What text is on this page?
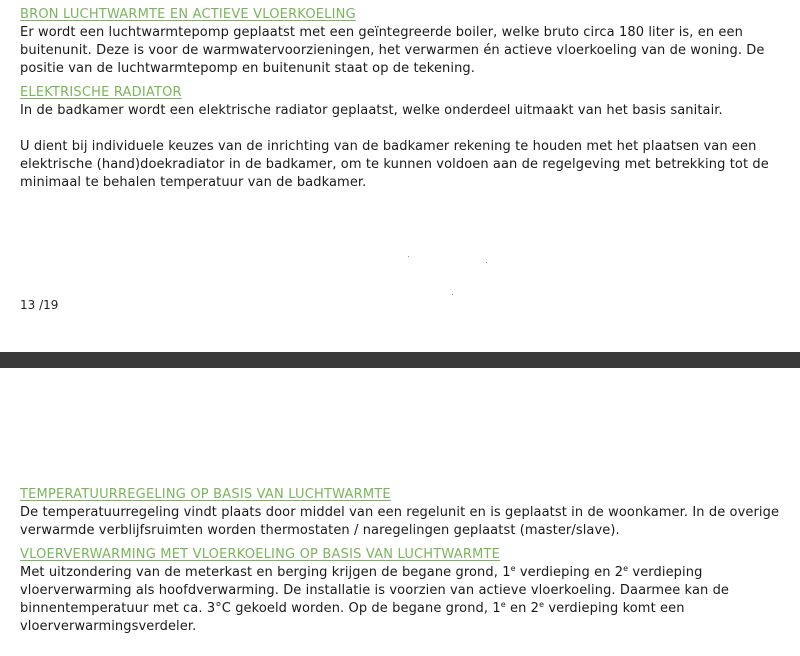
BRON LUCHTWARMTE EN ACTIEVE VLOERKOELING

Er wordt een luchtwarmtepomp geplaatst met een geïntegreerde boiler, welke bruto circa 180 liter is, en een buitenunit. Deze is voor de warmwatervoorzieningen, het verwarmen én actieve vloerkoeling van de woning. De positie van de luchtwarmtepomp en buitenunit staat op de tekening.

ELEKTRISCHE RADIATOR

In de badkamer wordt een elektrische radiator geplaatst, welke onderdeel uitmaakt van het basis sanitair.

U dient bij individuele keuzes van de inrichting van de badkamer rekening te houden met het plaatsen van een elektrische (hand)doekradiator in de badkamer, om te kunnen voldoen aan de regelgeving met betrekking tot de minimaal te behalen temperatuur van de badkamer.

13 /19
TEMPERATUURREGELING OP BASIS VAN LUCHTWARMTE

De temperatuurregeling vindt plaats door middel van een regelunit en is geplaatst in de woonkamer. In de overige verwarmde verblijfsruimten worden thermostaten / naregelingen geplaatst (master/slave).

VLOERVERWARMING MET VLOERKOELING OP BASIS VAN LUCHTWARMTE

Met uitzondering van de meterkast en berging krijgen de begane grond, 1e verdieping en 2e verdieping vloerverwarming als hoofdverwarming. De installatie is voorzien van actieve vloerkoeling. Daarmee kan de binnentemperatuur met ca. 3°C gekoeld worden. Op de begane grond, 1e en 2e verdieping komt een vloerverwarmingsverdeler.
